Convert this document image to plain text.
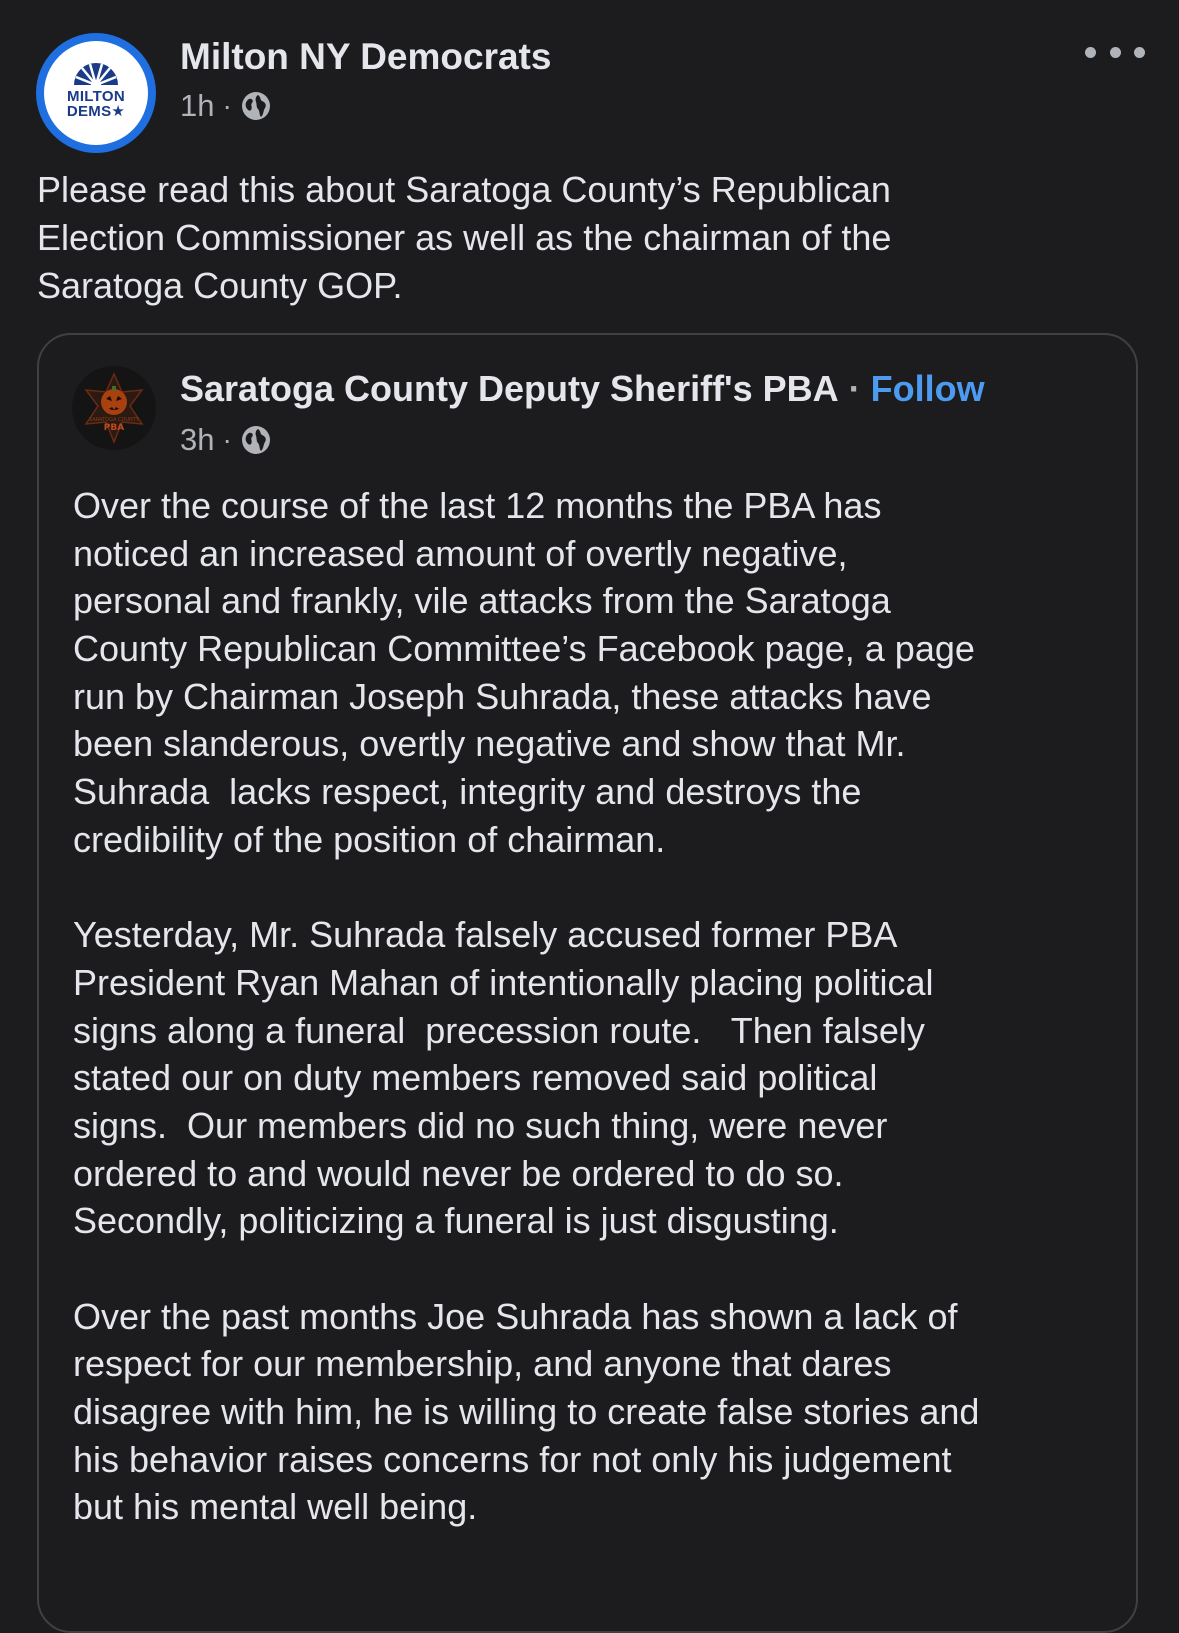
MILTON
DEMS★
Milton NY Democrats
1h ·
Please read this about Saratoga County’s Republican
Election Commissioner as well as the chairman of the
Saratoga County GOP.
SARATOGA COUNTY
PBA
Saratoga County Deputy Sheriff's PBA · Follow
3h ·
Over the course of the last 12 months the PBA has
noticed an increased amount of overtly negative,
personal and frankly, vile attacks from the Saratoga
County Republican Committee’s Facebook page, a page
run by Chairman Joseph Suhrada, these attacks have
been slanderous, overtly negative and show that Mr.
Suhrada  lacks respect, integrity and destroys the
credibility of the position of chairman.
Yesterday, Mr. Suhrada falsely accused former PBA
President Ryan Mahan of intentionally placing political
signs along a funeral  precession route.   Then falsely
stated our on duty members removed said political
signs.  Our members did no such thing, were never
ordered to and would never be ordered to do so.
Secondly, politicizing a funeral is just disgusting.
Over the past months Joe Suhrada has shown a lack of
respect for our membership, and anyone that dares
disagree with him, he is willing to create false stories and
his behavior raises concerns for not only his judgement
but his mental well being.
